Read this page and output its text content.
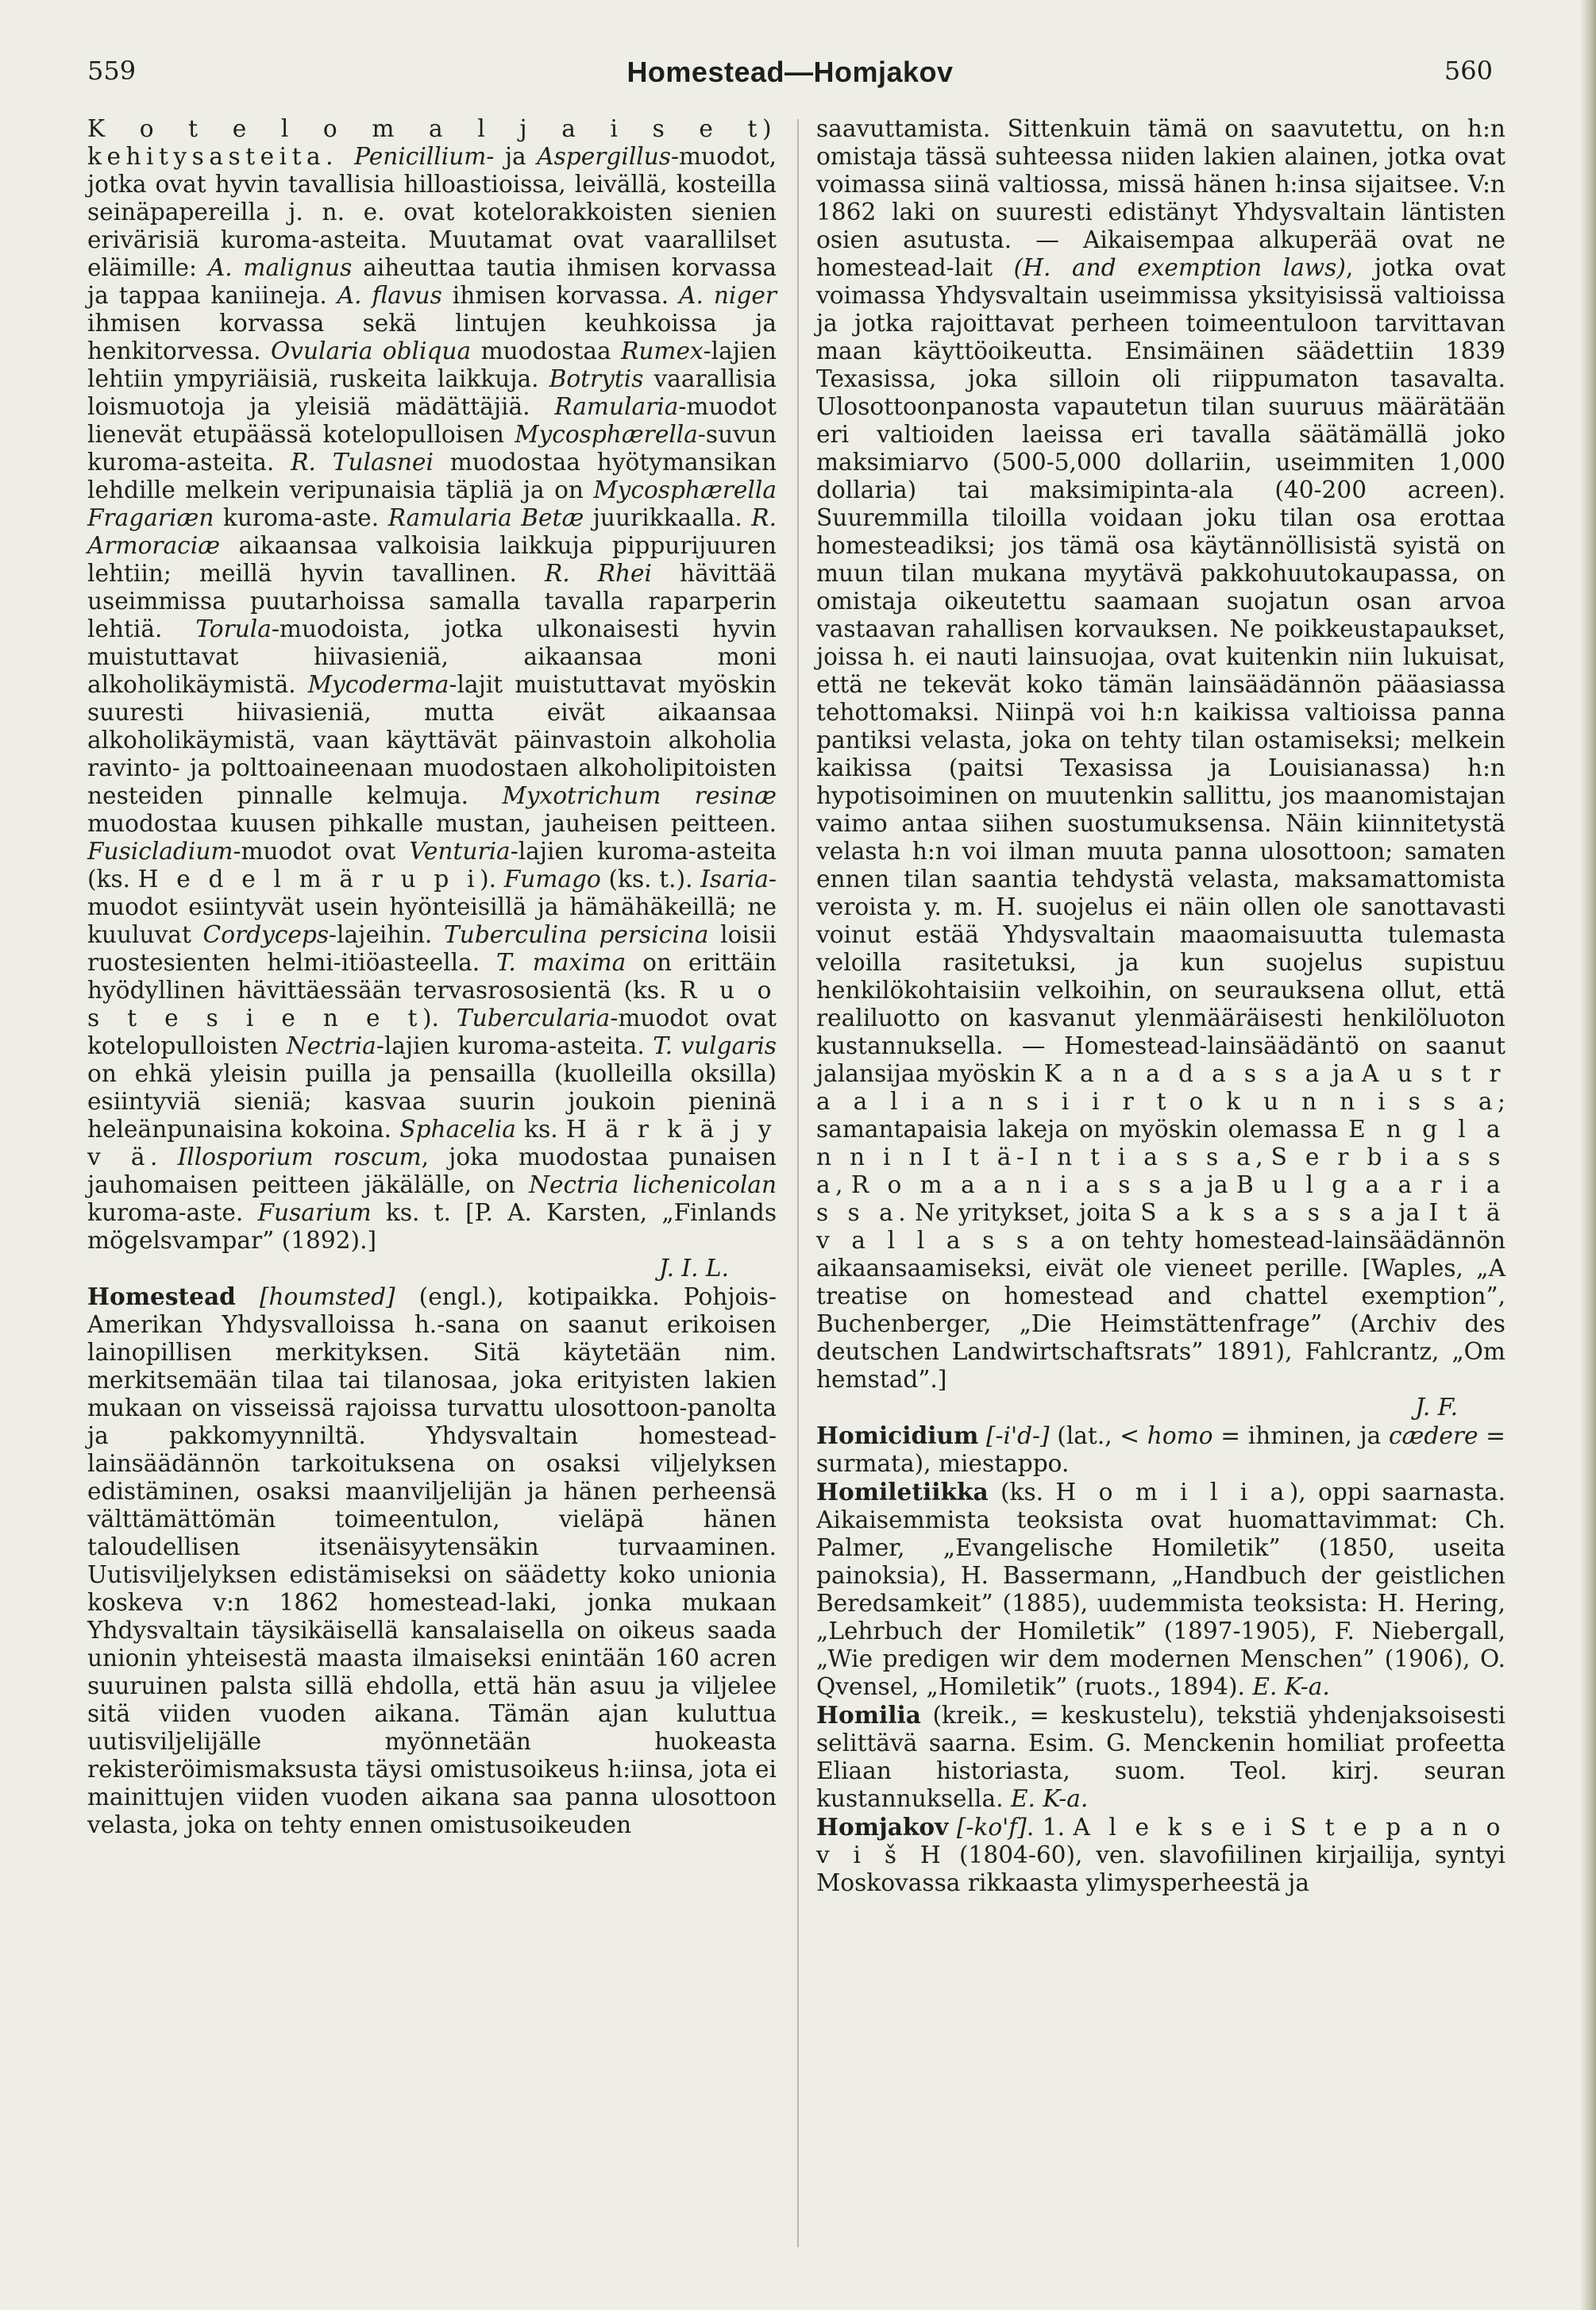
559	Homestead—Homjakov	560

K o t e l o m a l j a i s e t) kehitysasteita. Penicillium- ja Aspergillus-muodot, jotka ovat hyvin tavallisia hilloastioissa, leivällä, kosteilla seinäpapereilla j. n. e. ovat kotelorakkoisten sienien erivärisiä kuroma-asteita. Muutamat ovat vaarallilset eläimille: A. malignus aiheuttaa tautia ihmisen korvassa ja tappaa kaniineja. A. flavus ihmisen korvassa. A. niger ihmisen korvassa sekä lintujen keuhkoissa ja henkitorvessa. Ovularia obliqua muodostaa Rumex-lajien lehtiin ympyriäisiä, ruskeita laikkuja. Botrytis vaarallisia loismuotoja ja yleisiä mädättäjiä. Ramularia-muodot lienevät etupäässä kotelopulloisen Mycosphærella-suvun kuroma-asteita. R. Tulasnei muodostaa hyötymansikan lehdille melkein veripunaisia täpliä ja on Mycosphærella Fragariæn kuroma-aste. Ramularia Betæ juurikkaalla. R. Armoraciæ aikaansaa valkoisia laikkuja pippurijuuren lehtiin; meillä hyvin tavallinen. R. Rhei hävittää useimmissa puutarhoissa samalla tavalla raparperin lehtiä. Torula-muodoista, jotka ulkonaisesti hyvin muistuttavat hiivasieniä, aikaansaa moni alkoholikäymistä. Mycoderma-lajit muistuttavat myöskin suuresti hiivasieniä, mutta eivät aikaansaa alkoholikäymistä, vaan käyttävät päinvastoin alkoholia ravinto- ja polttoaineenaan muodostaen alkoholipitoisten nesteiden pinnalle kelmuja. Myxotrichum resinæ muodostaa kuusen pihkalle mustan, jauheisen peitteen. Fusicladium-muodot ovat Venturia-lajien kuroma-asteita (ks. H e d e l m ä r u p i). Fumago (ks. t.). Isaria-muodot esiintyvät usein hyönteisillä ja hämähäkeillä; ne kuuluvat Cordyceps-lajeihin. Tuberculina persicina loisii ruostesienten helmi-itiöasteella. T. maxima on erittäin hyödyllinen hävittäessään tervasrososientä (ks. R u o s t e s i e n e t). Tubercularia-muodot ovat kotelopulloisten Nectria-lajien kuroma-asteita. T. vulgaris on ehkä yleisin puilla ja pensailla (kuolleilla oksilla) esiintyviä sieniä; kasvaa suurin joukoin pieninä heleänpunaisina kokoina. Sphacelia ks. H ä r k ä j y v ä. Illosporium roscum, joka muodostaa punaisen jauhomaisen peitteen jäkälälle, on Nectria lichenicolan kuroma-aste. Fusarium ks. t. [P. A. Karsten, „Finlands mögelsvampar” (1892).]

J. I. L.

Homestead [houmsted] (engl.), kotipaikka. Pohjois-Amerikan Yhdysvalloissa h.-sana on saanut erikoisen lainopillisen merkityksen. Sitä käytetään nim. merkitsemään tilaa tai tilanosaa, joka erityisten lakien mukaan on visseissä rajoissa turvattu ulosottoon-panolta ja pakkomyynniltä. Yhdysvaltain homestead-lainsäädännön tarkoituksena on osaksi viljelyksen edistäminen, osaksi maanviljelijän ja hänen perheensä välttämättömän toimeentulon, vieläpä hänen taloudellisen itsenäisyytensäkin turvaaminen. Uutisviljelyksen edistämiseksi on säädetty koko unionia koskeva v:n 1862 homestead-laki, jonka mukaan Yhdysvaltain täysikäisellä kansalaisella on oikeus saada unionin yhteisestä maasta ilmaiseksi enintään 160 acren suuruinen palsta sillä ehdolla, että hän asuu ja viljelee sitä viiden vuoden aikana. Tämän ajan kuluttua uutisviljelijälle myönnetään huokeasta rekisteröimismaksusta täysi omistusoikeus h:iinsa, jota ei mainittujen viiden vuoden aikana saa panna ulosottoon velasta, joka on tehty ennen omistusoikeuden

saavuttamista. Sittenkuin tämä on saavutettu, on h:n omistaja tässä suhteessa niiden lakien alainen, jotka ovat voimassa siinä valtiossa, missä hänen h:insa sijaitsee. V:n 1862 laki on suuresti edistänyt Yhdysvaltain läntisten osien asutusta. — Aikaisempaa alkuperää ovat ne homestead-lait (H. and exemption laws), jotka ovat voimassa Yhdysvaltain useimmissa yksityisissä valtioissa ja jotka rajoittavat perheen toimeentuloon tarvittavan maan käyttöoikeutta. Ensimäinen säädettiin 1839 Texasissa, joka silloin oli riippumaton tasavalta. Ulosottoonpanosta vapautetun tilan suuruus määrätään eri valtioiden laeissa eri tavalla säätämällä joko maksimiarvo (500-5,000 dollariin, useimmiten 1,000 dollaria) tai maksimipinta-ala (40-200 acreen). Suuremmilla tiloilla voidaan joku tilan osa erottaa homesteadiksi; jos tämä osa käytännöllisistä syistä on muun tilan mukana myytävä pakkohuutokaupassa, on omistaja oikeutettu saamaan suojatun osan arvoa vastaavan rahallisen korvauksen. Ne poikkeustapaukset, joissa h. ei nauti lainsuojaa, ovat kuitenkin niin lukuisat, että ne tekevät koko tämän lainsäädännön pääasiassa tehottomaksi. Niinpä voi h:n kaikissa valtioissa panna pantiksi velasta, joka on tehty tilan ostamiseksi; melkein kaikissa (paitsi Texasissa ja Louisianassa) h:n hypotisoiminen on muutenkin sallittu, jos maanomistajan vaimo antaa siihen suostumuksensa. Näin kiinnitetystä velasta h:n voi ilman muuta panna ulosottoon; samaten ennen tilan saantia tehdystä velasta, maksamattomista veroista y. m. H. suojelus ei näin ollen ole sanottavasti voinut estää Yhdysvaltain maaomaisuutta tulemasta veloilla rasitetuksi, ja kun suojelus supistuu henkilökohtaisiin velkoihin, on seurauksena ollut, että realiluotto on kasvanut ylenmääräisesti henkilöluoton kustannuksella. — Homestead-lainsäädäntö on saanut jalansijaa myöskin K a n a d a s s a ja A u s t r a a l i a n s i i r t o k u n n i s s a; samantapaisia lakeja on myöskin olemassa E n g l a n n i n I t ä-I n t i a s s a, S e r b i a s s a, R o m a a n i a s s a ja B u l g a a r i a s s a. Ne yritykset, joita S a k s a s s a ja I t ä v a l l a s s a on tehty homestead-lainsäädännön aikaansaamiseksi, eivät ole vieneet perille. [Waples, „A treatise on homestead and chattel exemption”, Buchenberger, „Die Heimstättenfrage” (Archiv des deutschen Landwirtschaftsrats” 1891), Fahlcrantz, „Om hemstad”.]

J. F.

Homicidium [-i'd-] (lat., < homo = ihminen, ja cædere = surmata), miestappo.

Homiletiikka (ks. H o m i l i a), oppi saarnasta. Aikaisemmista teoksista ovat huomattavimmat: Ch. Palmer, „Evangelische Homiletik” (1850, useita painoksia), H. Bassermann, „Handbuch der geistlichen Beredsamkeit” (1885), uudemmista teoksista: H. Hering, „Lehrbuch der Homiletik” (1897-1905), F. Niebergall, „Wie predigen wir dem modernen Menschen” (1906), O. Qvensel, „Homiletik” (ruots., 1894). E. K-a.

Homilia (kreik., = keskustelu), tekstiä yhdenjaksoisesti selittävä saarna. Esim. G. Menckenin homiliat profeetta Eliaan historiasta, suom. Teol. kirj. seuran kustannuksella. E. K-a.

Homjakov [-ko'f]. 1. A l e k s e i S t e p a n o v i š H (1804-60), ven. slavofiilinen kirjailija, syntyi Moskovassa rikkaasta ylimysperheestä ja
